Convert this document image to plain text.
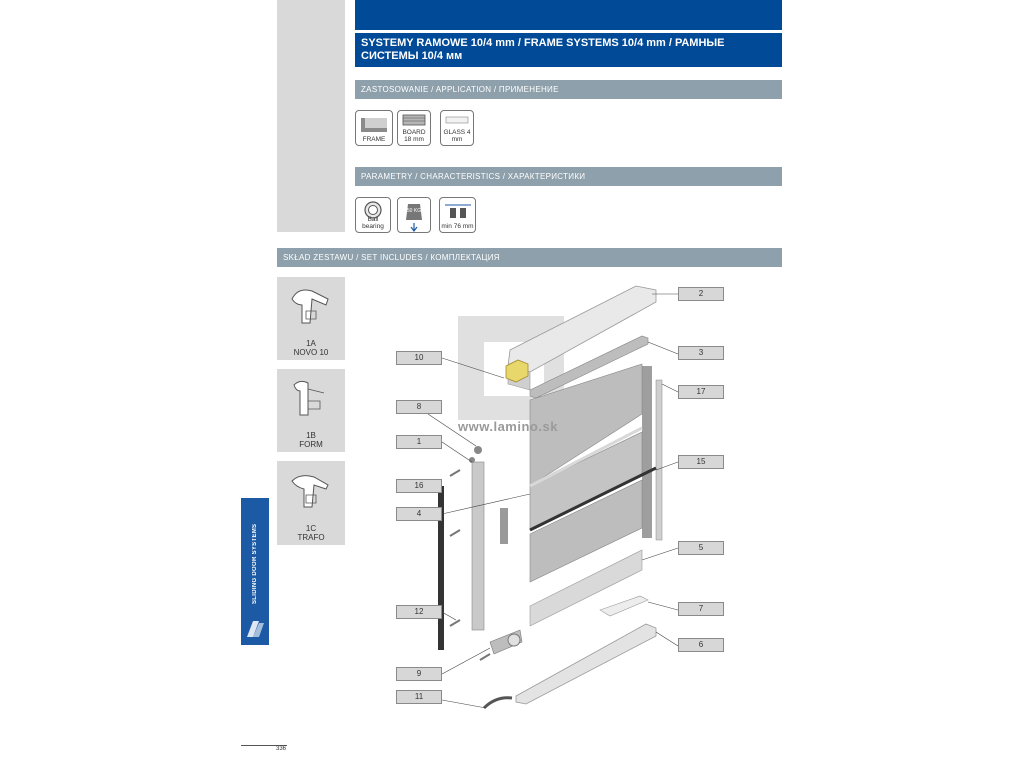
SYSTEMY RAMOWE 10/4 mm / FRAME SYSTEMS 10/4 mm / РАМНЫЕ СИСТЕМЫ 10/4 мм
ZASTOSOWANIE / APPLICATION / ПРИМЕНЕНИЕ
FRAME
BOARD 18 mm
GLASS 4 mm
PARAMETRY / CHARACTERISTICS / ХАРАКТЕРИСТИКИ
Ball bearing
50 KG
min 76 mm
SKŁAD ZESTAWU / SET INCLUDES / КОМПЛЕКТАЦИЯ
1A
NOVO 10
1B
FORM
1C
TRAFO
SLIDING DOOR SYSTEMS
www.lamino.sk
10
8
1
16
4
12
9
11
2
3
17
15
5
7
6
336
